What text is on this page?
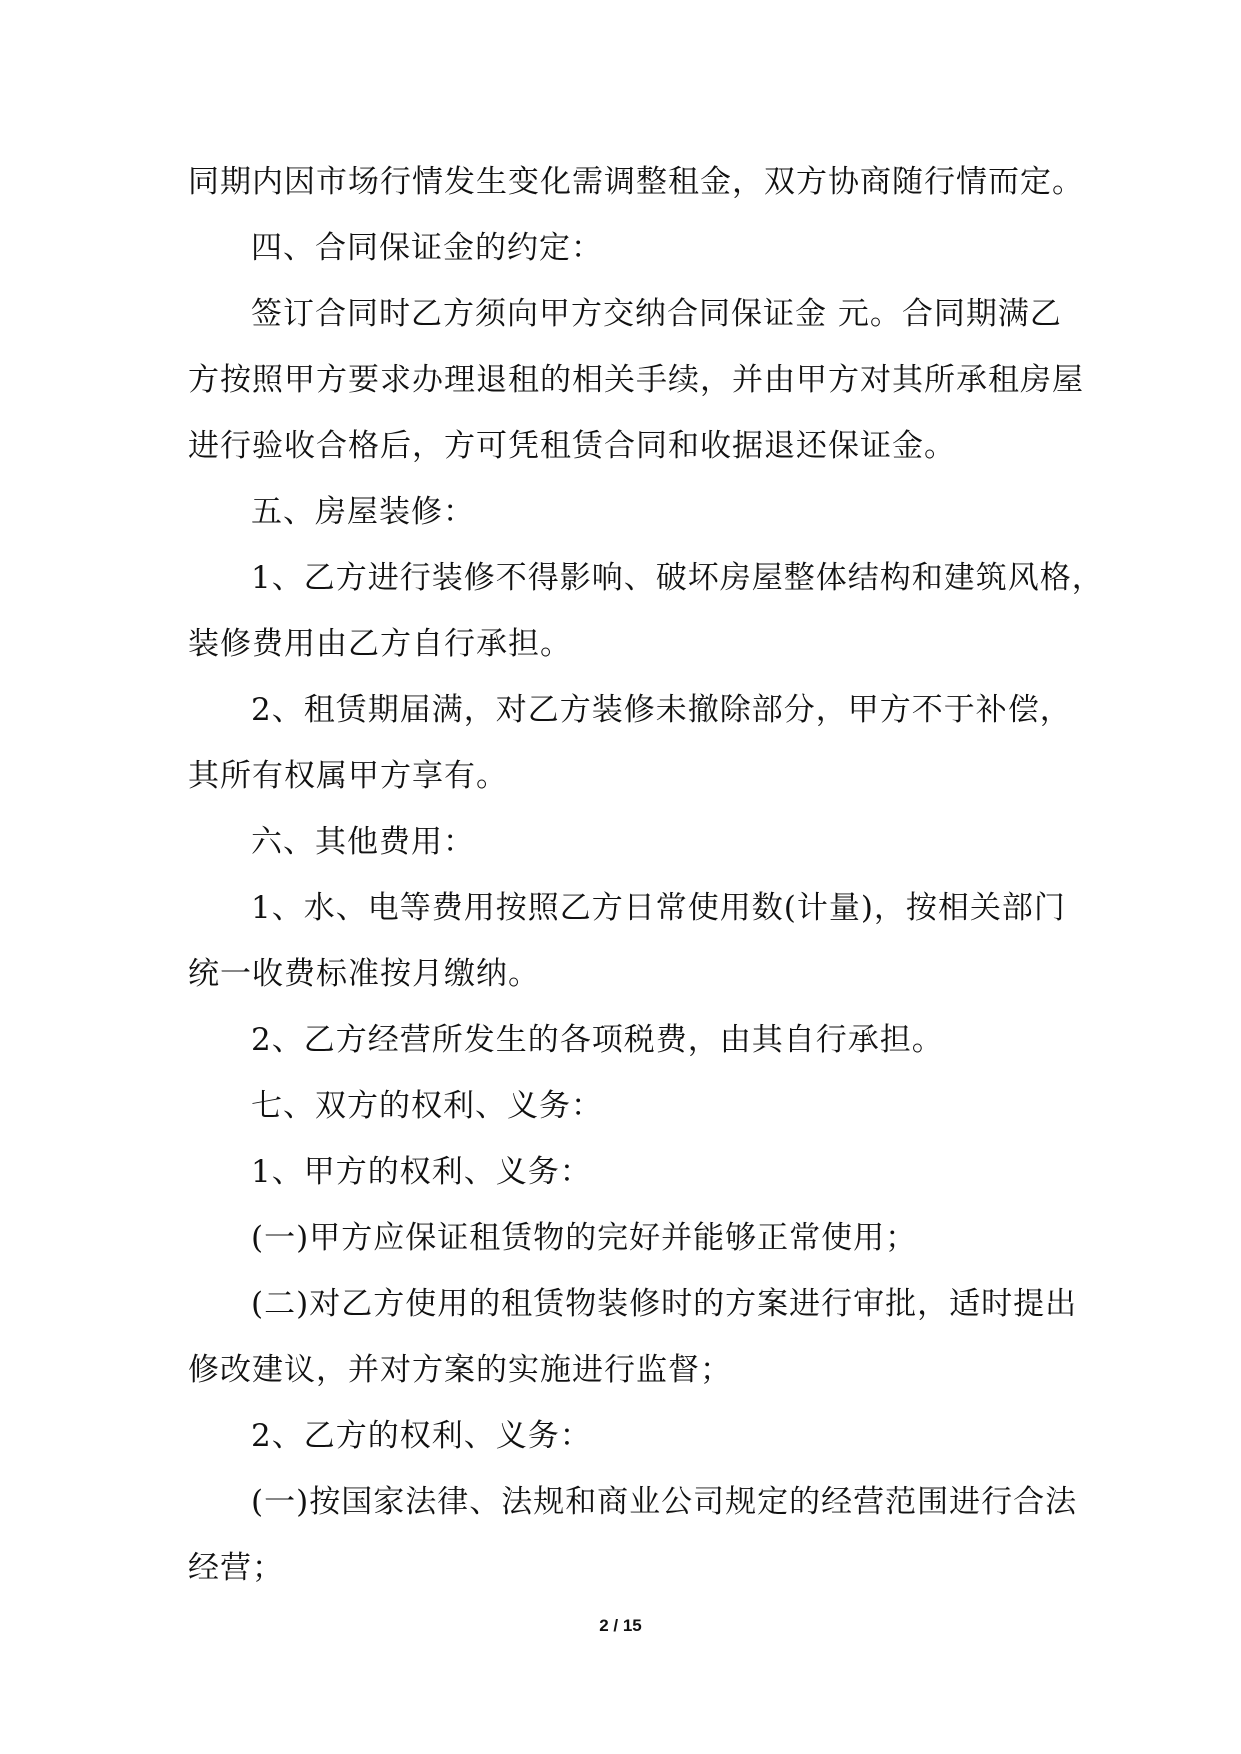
同期内因市场行情发生变化需调整租金，双方协商随行情而定。
四、合同保证金的约定：
签订合同时乙方须向甲方交纳合同保证金 元。合同期满乙
方按照甲方要求办理退租的相关手续，并由甲方对其所承租房屋
进行验收合格后，方可凭租赁合同和收据退还保证金。
五、房屋装修：
1、乙方进行装修不得影响、破坏房屋整体结构和建筑风格，
装修费用由乙方自行承担。
2、租赁期届满，对乙方装修未撤除部分，甲方不于补偿，
其所有权属甲方享有。
六、其他费用：
1、水、电等费用按照乙方日常使用数(计量)，按相关部门
统一收费标准按月缴纳。
2、乙方经营所发生的各项税费，由其自行承担。
七、双方的权利、义务：
1、甲方的权利、义务：
(一)甲方应保证租赁物的完好并能够正常使用；
(二)对乙方使用的租赁物装修时的方案进行审批，适时提出
修改建议，并对方案的实施进行监督；
2、乙方的权利、义务：
(一)按国家法律、法规和商业公司规定的经营范围进行合法
经营；
2 / 15
